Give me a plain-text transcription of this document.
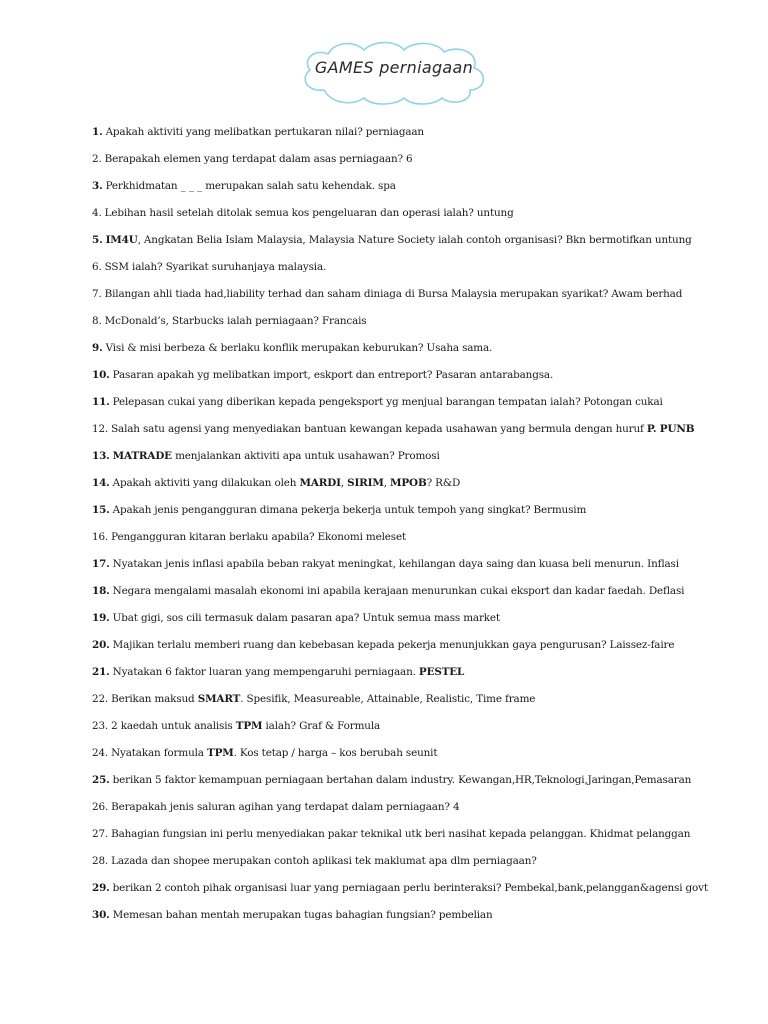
GAMES perniagaan
1. Apakah aktiviti yang melibatkan pertukaran nilai? perniagaan
2. Berapakah elemen yang terdapat dalam asas perniagaan? 6
3. Perkhidmatan _ _ _ merupakan salah satu kehendak. spa
4. Lebihan hasil setelah ditolak semua kos pengeluaran dan operasi ialah? untung
5. IM4U, Angkatan Belia Islam Malaysia, Malaysia Nature Society ialah contoh organisasi? Bkn bermotifkan untung
6. SSM ialah? Syarikat suruhanjaya malaysia.
7. Bilangan ahli tiada had,liability terhad dan saham diniaga di Bursa Malaysia merupakan syarikat? Awam berhad
8. McDonald’s, Starbucks ialah perniagaan? Francais
9. Visi & misi berbeza & berlaku konflik merupakan keburukan? Usaha sama.
10. Pasaran apakah yg melibatkan import, eskport dan entreport? Pasaran antarabangsa.
11. Pelepasan cukai yang diberikan kepada pengeksport yg menjual barangan tempatan ialah? Potongan cukai
12. Salah satu agensi yang menyediakan bantuan kewangan kepada usahawan yang bermula dengan huruf P. PUNB
13. MATRADE menjalankan aktiviti apa untuk usahawan? Promosi
14. Apakah aktiviti yang dilakukan oleh MARDI, SIRIM, MPOB? R&D
15. Apakah jenis pengangguran dimana pekerja bekerja untuk tempoh yang singkat? Bermusim
16. Pengangguran kitaran berlaku apabila? Ekonomi meleset
17. Nyatakan jenis inflasi apabila beban rakyat meningkat, kehilangan daya saing dan kuasa beli menurun. Inflasi
18. Negara mengalami masalah ekonomi ini apabila kerajaan menurunkan cukai eksport dan kadar faedah. Deflasi
19. Ubat gigi, sos cili termasuk dalam pasaran apa? Untuk semua mass market
20. Majikan terlalu memberi ruang dan kebebasan kepada pekerja menunjukkan gaya pengurusan? Laissez-faire
21. Nyatakan 6 faktor luaran yang mempengaruhi perniagaan. PESTEL
22. Berikan maksud SMART. Spesifik, Measureable, Attainable, Realistic, Time frame
23. 2 kaedah untuk analisis TPM ialah? Graf & Formula
24. Nyatakan formula TPM. Kos tetap / harga – kos berubah seunit
25. berikan 5 faktor kemampuan perniagaan bertahan dalam industry. Kewangan,HR,Teknologi,Jaringan,Pemasaran
26. Berapakah jenis saluran agihan yang terdapat dalam perniagaan? 4
27. Bahagian fungsian ini perlu menyediakan pakar teknikal utk beri nasihat kepada pelanggan. Khidmat pelanggan
28. Lazada dan shopee merupakan contoh aplikasi tek maklumat apa dlm perniagaan?
29. berikan 2 contoh pihak organisasi luar yang perniagaan perlu berinteraksi? Pembekal,bank,pelanggan&agensi govt
30. Memesan bahan mentah merupakan tugas bahagian fungsian? pembelian
